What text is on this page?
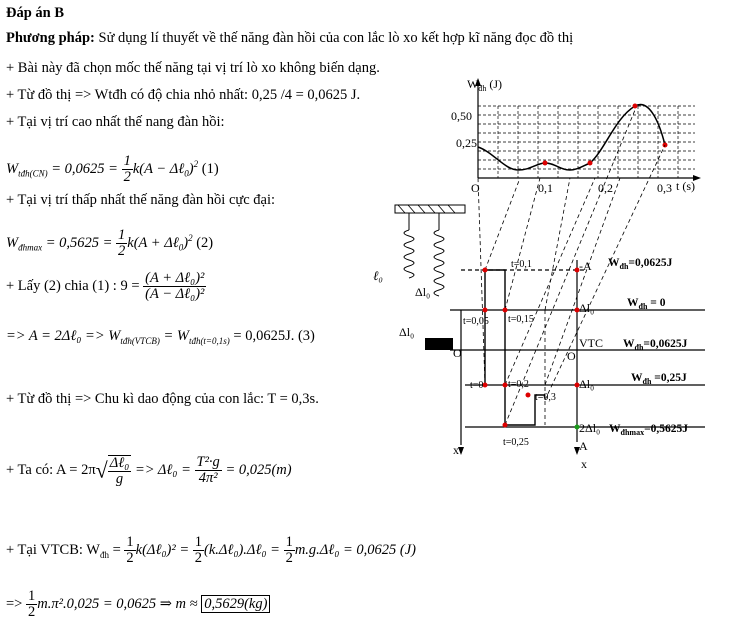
Đáp án B
Phương pháp: Sử dụng lí thuyết về thế năng đàn hồi của con lắc lò xo kết hợp kĩ năng đọc đồ thị
+ Bài này đã chọn mốc thế năng tại vị trí lò xo không biến dạng.
+ Từ đồ thị => Wtđh có độ chia nhỏ nhất: 0,25 /4 = 0,0625 J.
+ Tại vị trí cao nhất thế nang đàn hồi:
$W_{tđh(CN)} = 0,0625 = \frac{1}{2} k(A$ − Δℓ$_0$)$^2$ (1)
+ Tại vị trí thấp nhất thế năng đàn hồi cực đại:
$W_{đhmax} = 0,5625 = \frac{1}{2} k(A$ + Δℓ$_0$)$^2$ (2)
+ Lấy (2) chia (1) : $9 = \frac{\text{(A + Δℓ₀)²}}{\text{(A − Δℓ₀)²}}$
=> A = 2Δℓ₀ => $W_{tđh(VTCB)} = W_{tđh(t=0,1s)} = 0,0625J$. (3)
+ Từ đồ thị => Chu kì dao động của con lắc: T = 0,3s.
+ Ta có: $A = 2\pi√ \frac{\text{Δℓ₀}}{g}$ => Δℓ₀ = $\frac{\text{T²·g}}{\text{4π²}} = 0,025(m)$
+ Tại VTCB: $W_{đh} = \frac{1}{2}$ k(Δℓ₀)² = $\frac{1}{2}$ (k.Δℓ₀).Δℓ₀ = $\frac{1}{2}$ m.g.Δℓ₀ = 0,0625 (J)
=> $\frac{1}{2} m.\pi^2.0,025 = 0,0625$ ⇒ m ≈ 0,5629(kg)
$W_{đh}$ (J)
0,50
0,25
O	0,1	0,2	0,3 t (s)
ℓ₀
Δl₀
Δl₀
t=0,1
t=0,05 t=0,15
t=0 t=0,2
t=0,3
t=0,25
-A
Δl₀
VTC
O	O
Δl₀
2Δl₀
A
x
x
$W_{đh}=0,0625J$
$W_{đh} = 0$
$W_{đh}=0,0625J$
$W_{đh} =0,25J$
$W_{đhmax}=0,5625J$
